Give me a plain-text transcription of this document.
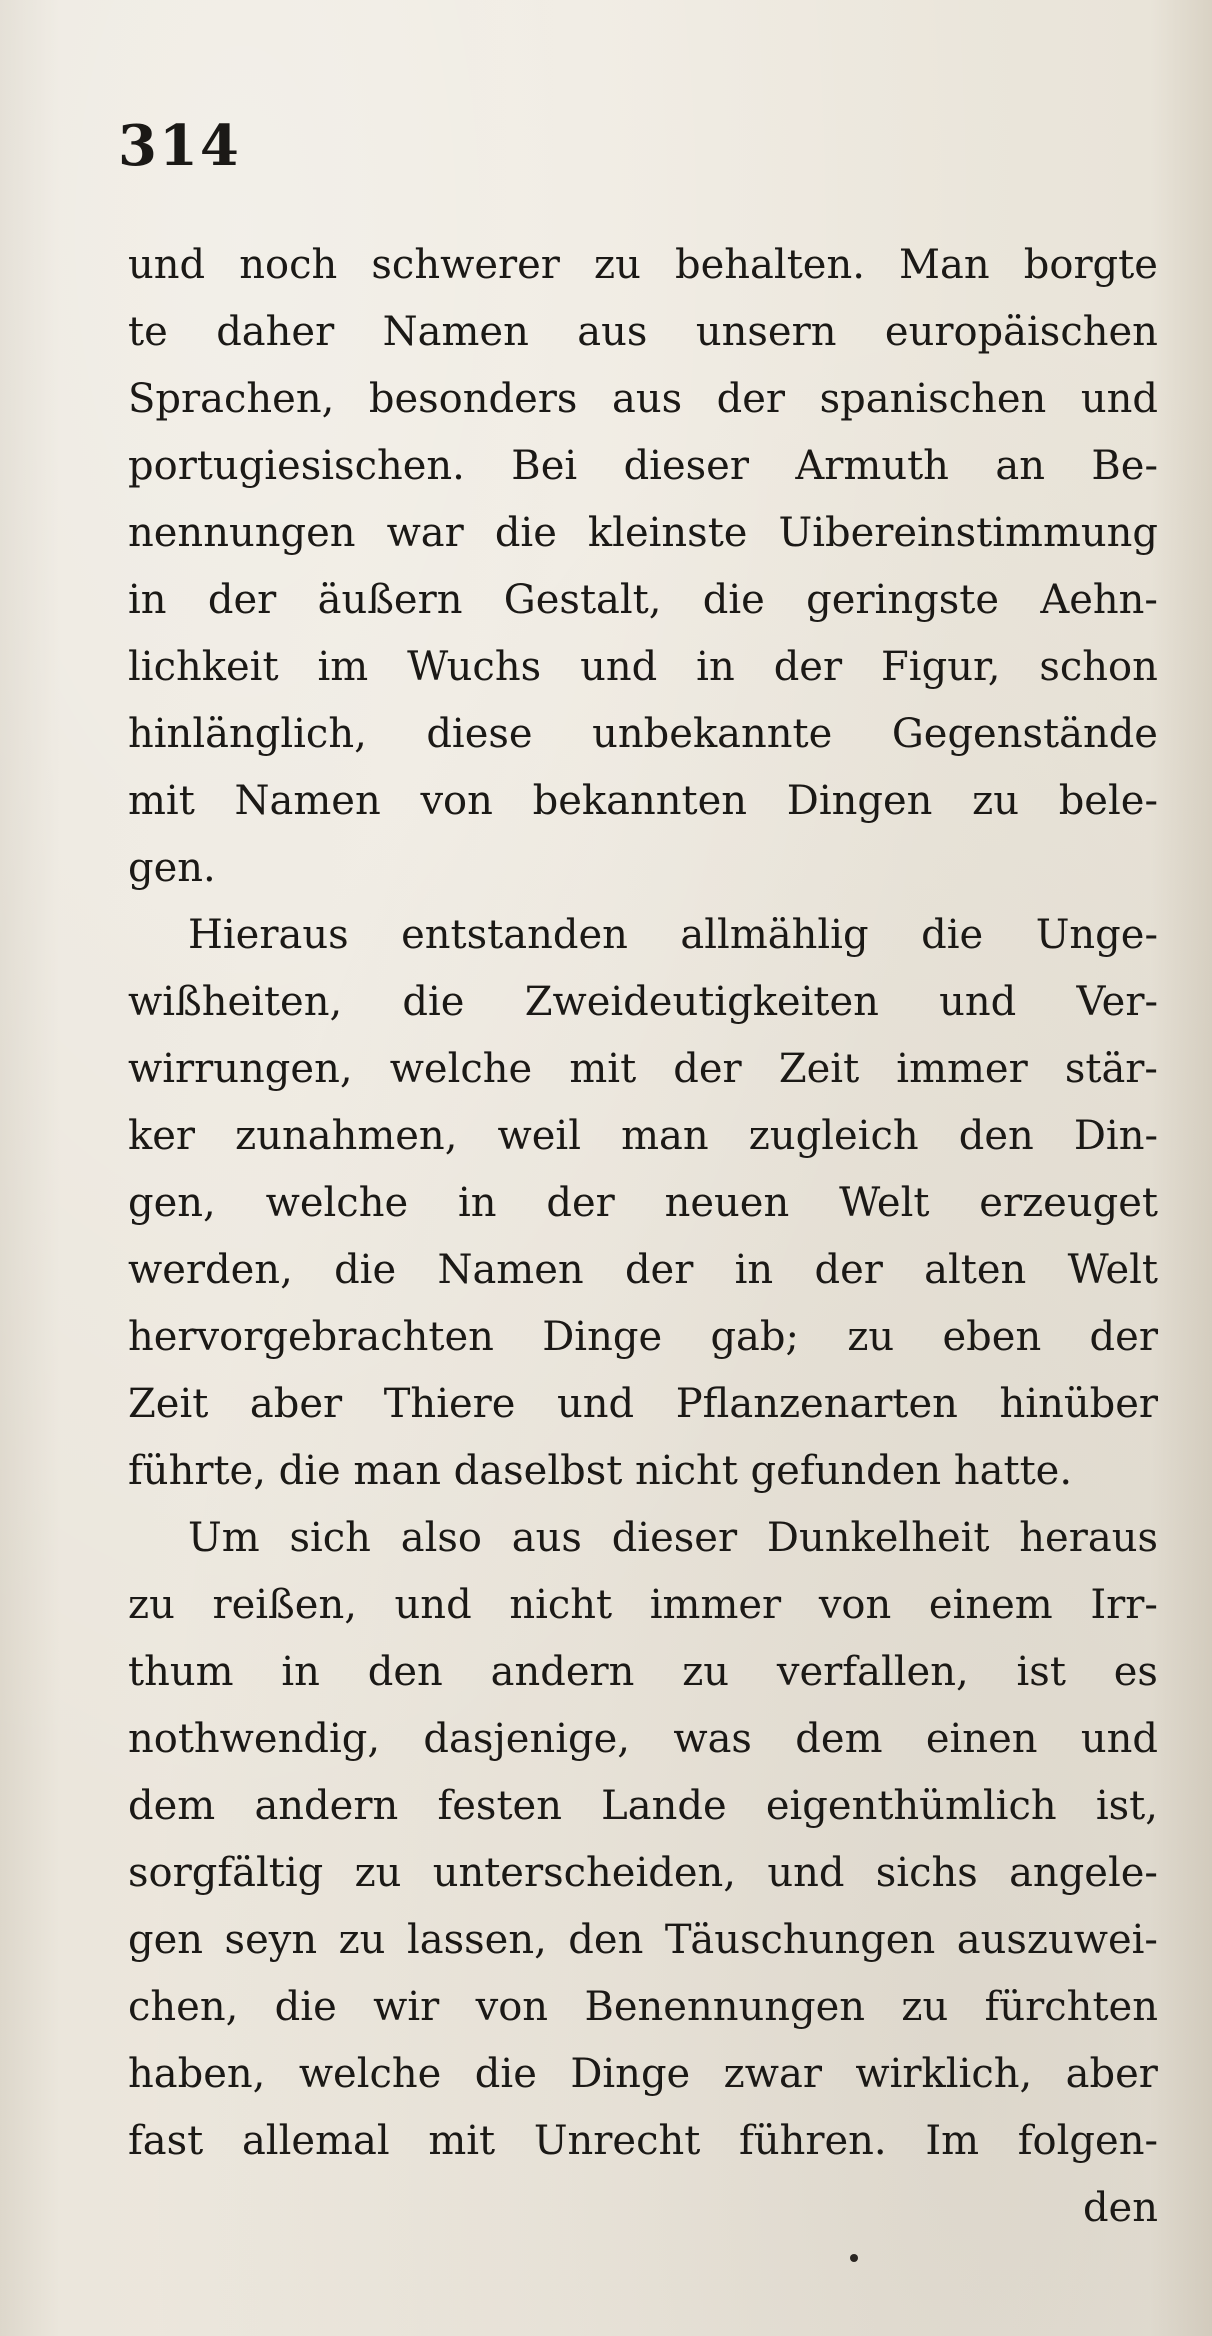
314
und noch schwerer zu behalten. Man borgte
te daher Namen aus unsern europäischen
Sprachen, besonders aus der spanischen und
portugiesischen. Bei dieser Armuth an Be-
nennungen war die kleinste Uibereinstimmung
in der äußern Gestalt, die geringste Aehn-
lichkeit im Wuchs und in der Figur, schon
hinlänglich, diese unbekannte Gegenstände
mit Namen von bekannten Dingen zu bele-
gen.
Hieraus entstanden allmählig die Unge-
wißheiten, die Zweideutigkeiten und Ver-
wirrungen, welche mit der Zeit immer stär-
ker zunahmen, weil man zugleich den Din-
gen, welche in der neuen Welt erzeuget
werden, die Namen der in der alten Welt
hervorgebrachten Dinge gab; zu eben der
Zeit aber Thiere und Pflanzenarten hinüber
führte, die man daselbst nicht gefunden hatte.
Um sich also aus dieser Dunkelheit heraus
zu reißen, und nicht immer von einem Irr-
thum in den andern zu verfallen, ist es
nothwendig, dasjenige, was dem einen und
dem andern festen Lande eigenthümlich ist,
sorgfältig zu unterscheiden, und sichs angele-
gen seyn zu lassen, den Täuschungen auszuwei-
chen, die wir von Benennungen zu fürchten
haben, welche die Dinge zwar wirklich, aber
fast allemal mit Unrecht führen. Im folgen-
den
